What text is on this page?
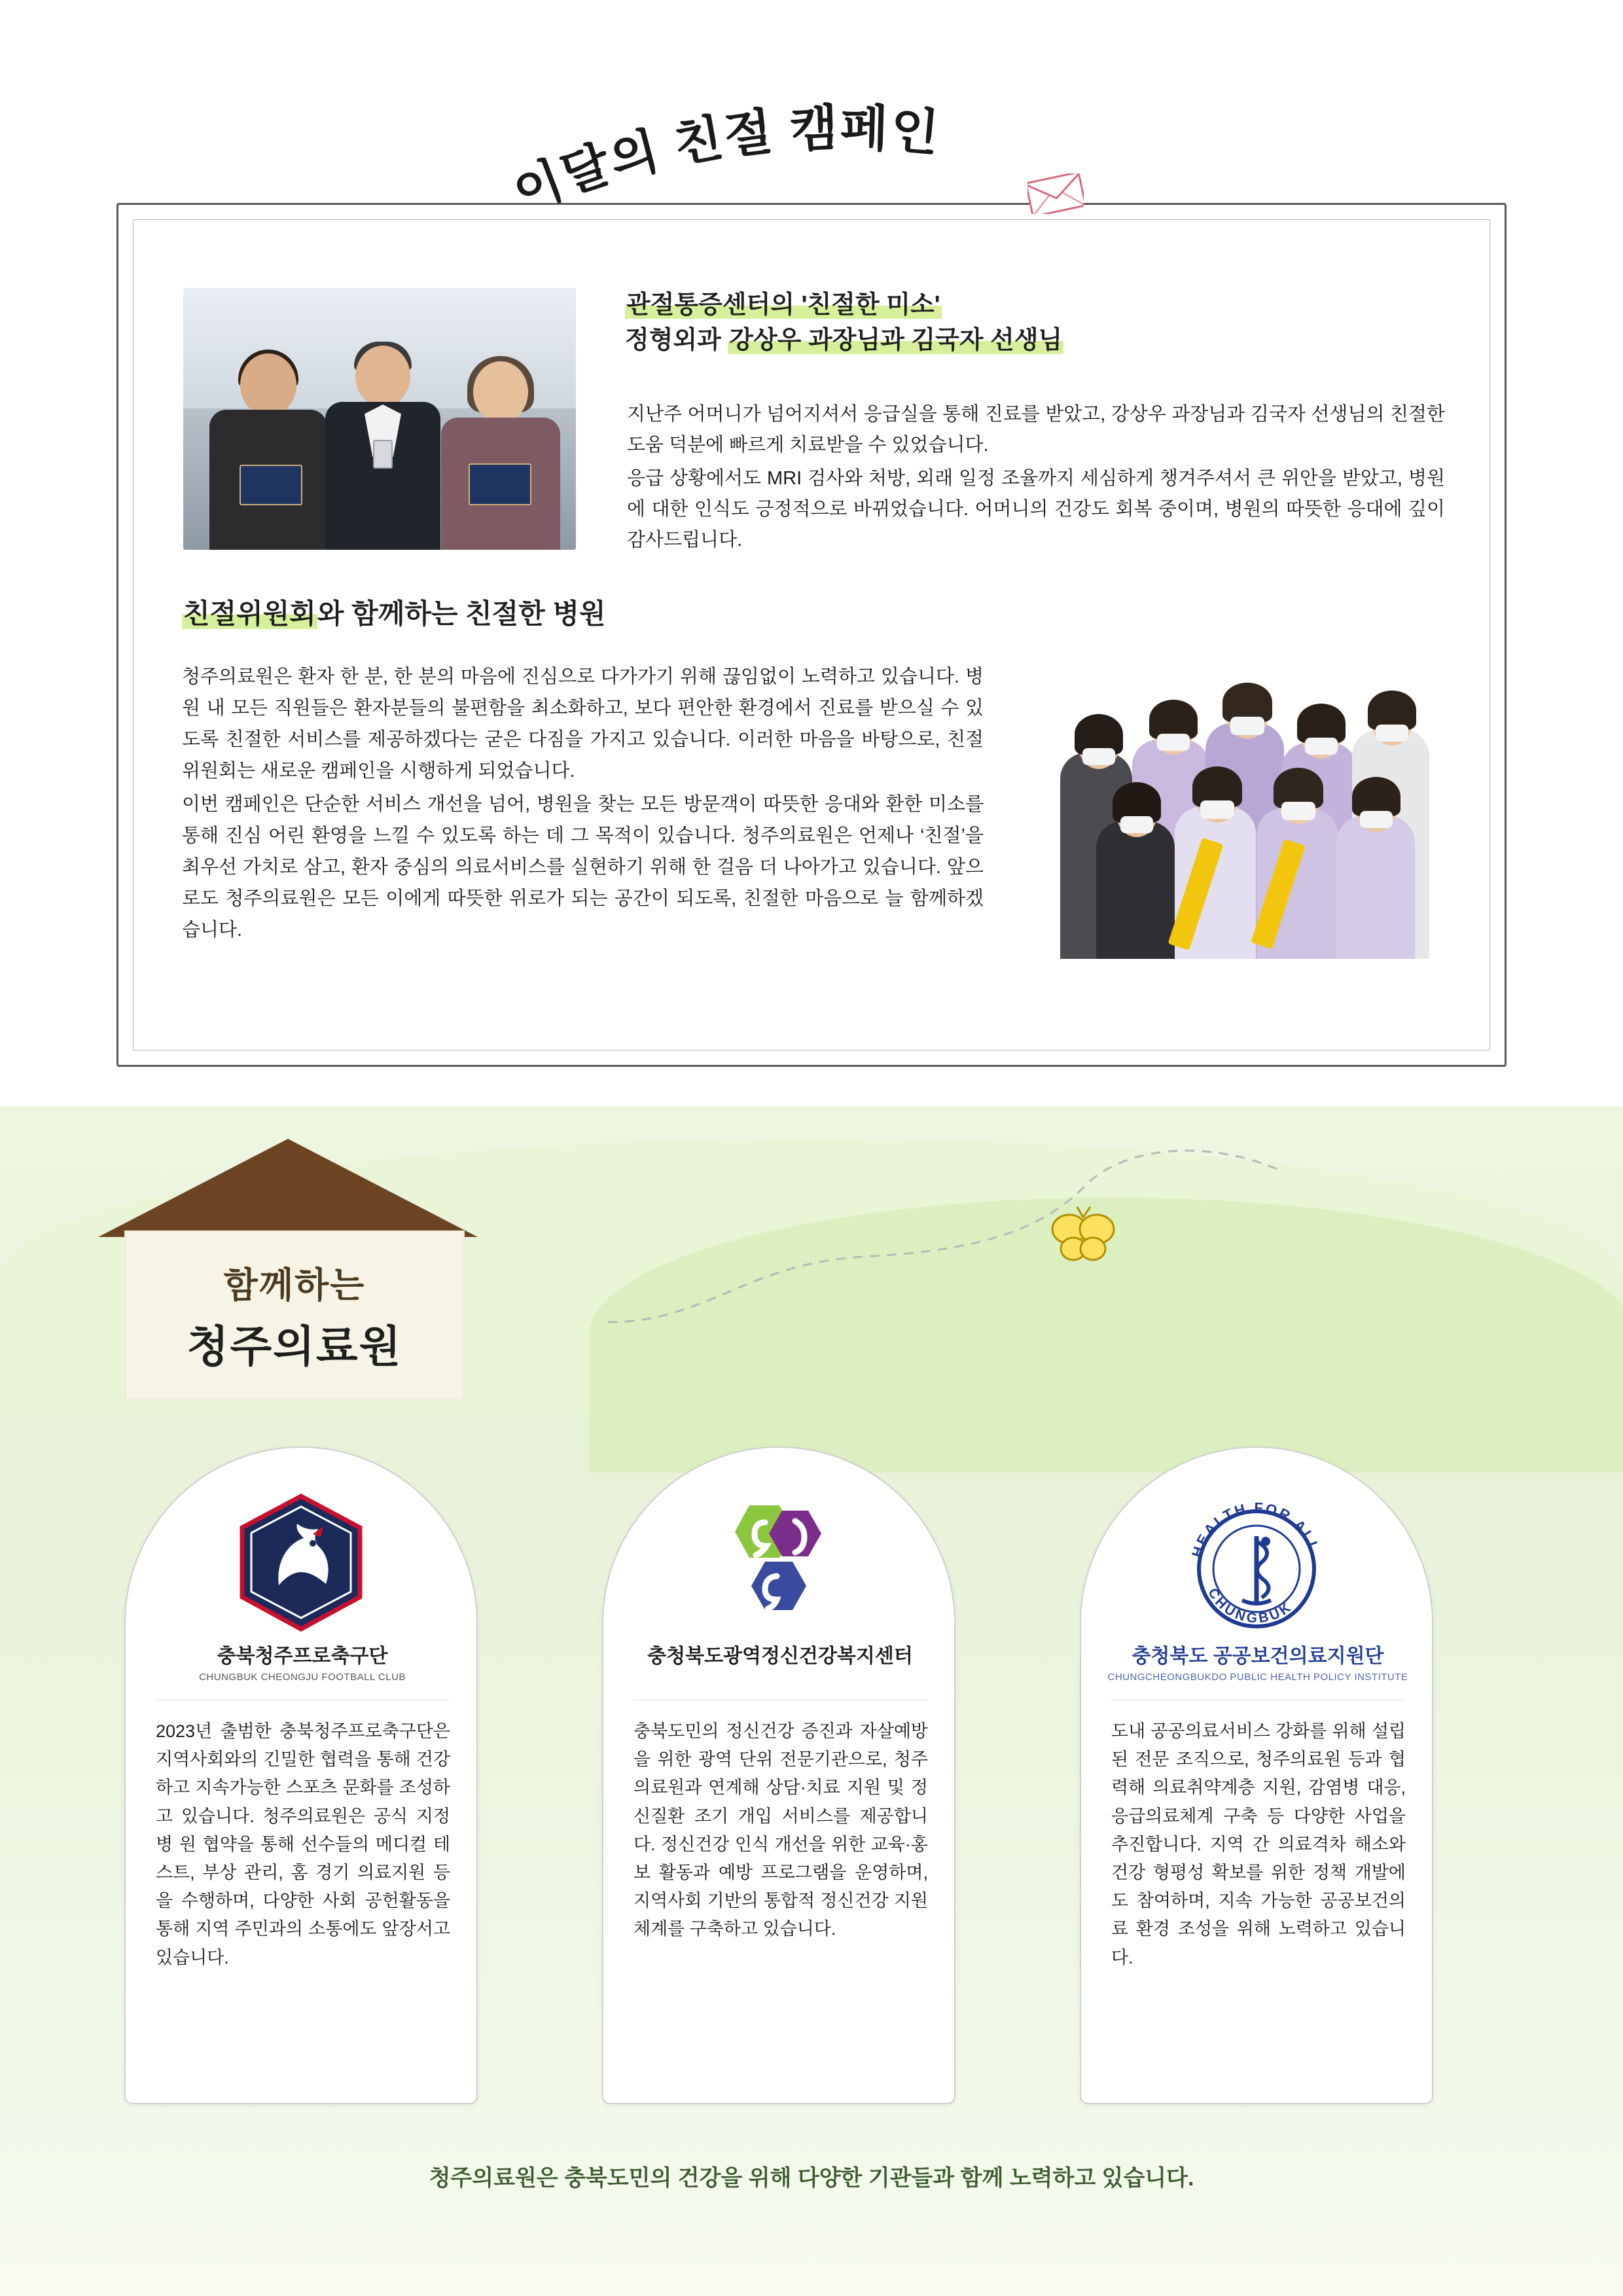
이달의 친절 캠페인
관절통증센터의 '친절한 미소'
정형외과 강상우 과장님과 김국자 선생님

지난주 어머니가 넘어지셔서 응급실을 통해 진료를 받았고, 강상우 과장님과 김국자 선생님의 친절한 도움 덕분에 빠르게 치료받을 수 있었습니다.

응급 상황에서도 MRI 검사와 처방, 외래 일정 조율까지 세심하게 챙겨주셔서 큰 위안을 받았고, 병원에 대한 인식도 긍정적으로 바뀌었습니다. 어머니의 건강도 회복 중이며, 병원의 따뜻한 응대에 깊이 감사드립니다.

친절위원회와 함께하는 친절한 병원

청주의료원은 환자 한 분, 한 분의 마음에 진심으로 다가가기 위해 끊임없이 노력하고 있습니다. 병원 내 모든 직원들은 환자분들의 불편함을 최소화하고, 보다 편안한 환경에서 진료를 받으실 수 있도록 친절한 서비스를 제공하겠다는 굳은 다짐을 가지고 있습니다. 이러한 마음을 바탕으로, 친절 위원회는 새로운 캠페인을 시행하게 되었습니다.

이번 캠페인은 단순한 서비스 개선을 넘어, 병원을 찾는 모든 방문객이 따뜻한 응대와 환한 미소를 통해 진심 어린 환영을 느낄 수 있도록 하는 데 그 목적이 있습니다. 청주의료원은 언제나 ‘친절’을 최우선 가치로 삼고, 환자 중심의 의료서비스를 실현하기 위해 한 걸음 더 나아가고 있습니다. 앞으로도 청주의료원은 모든 이에게 따뜻한 위로가 되는 공간이 되도록, 친절한 마음으로 늘 함께하겠습니다.

함께하는
청주의료원
충북청주프로축구단
CHUNGBUK CHEONGJU FOOTBALL CLUB
2023년 출범한 충북청주프로축구단은 지역사회와의 긴밀한 협력을 통해 건강하고 지속가능한 스포츠 문화를 조성하고 있습니다. 청주의료원은 공식 지정병 원 협약을 통해 선수들의 메디컬 테스트, 부상 관리, 홈 경기 의료지원 등을 수행하며, 다양한 사회 공헌활동을 통해 지역 주민과의 소통에도 앞장서고 있습니다.
충청북도광역정신건강복지센터
충북도민의 정신건강 증진과 자살예방을 위한 광역 단위 전문기관으로, 청주 의료원과 연계해 상담·치료 지원 및 정신질환 조기 개입 서비스를 제공합니다. 정신건강 인식 개선을 위한 교육·홍보 활동과 예방 프로그램을 운영하며, 지역사회 기반의 통합적 정신건강 지원체계를 구축하고 있습니다.
HEALTH FOR ALL
CHUNGBUK
충청북도 공공보건의료지원단
CHUNGCHEONGBUKDO PUBLIC HEALTH POLICY INSTITUTE
도내 공공의료서비스 강화를 위해 설립된 전문 조직으로, 청주의료원 등과 협력해 의료취약계층 지원, 감염병 대응, 응급의료체계 구축 등 다양한 사업을 추진합니다. 지역 간 의료격차 해소와 건강 형평성 확보를 위한 정책 개발에도 참여하며, 지속 가능한 공공보건의료 환경 조성을 위해 노력하고 있습니다.
청주의료원은 충북도민의 건강을 위해 다양한 기관들과 함께 노력하고 있습니다.
